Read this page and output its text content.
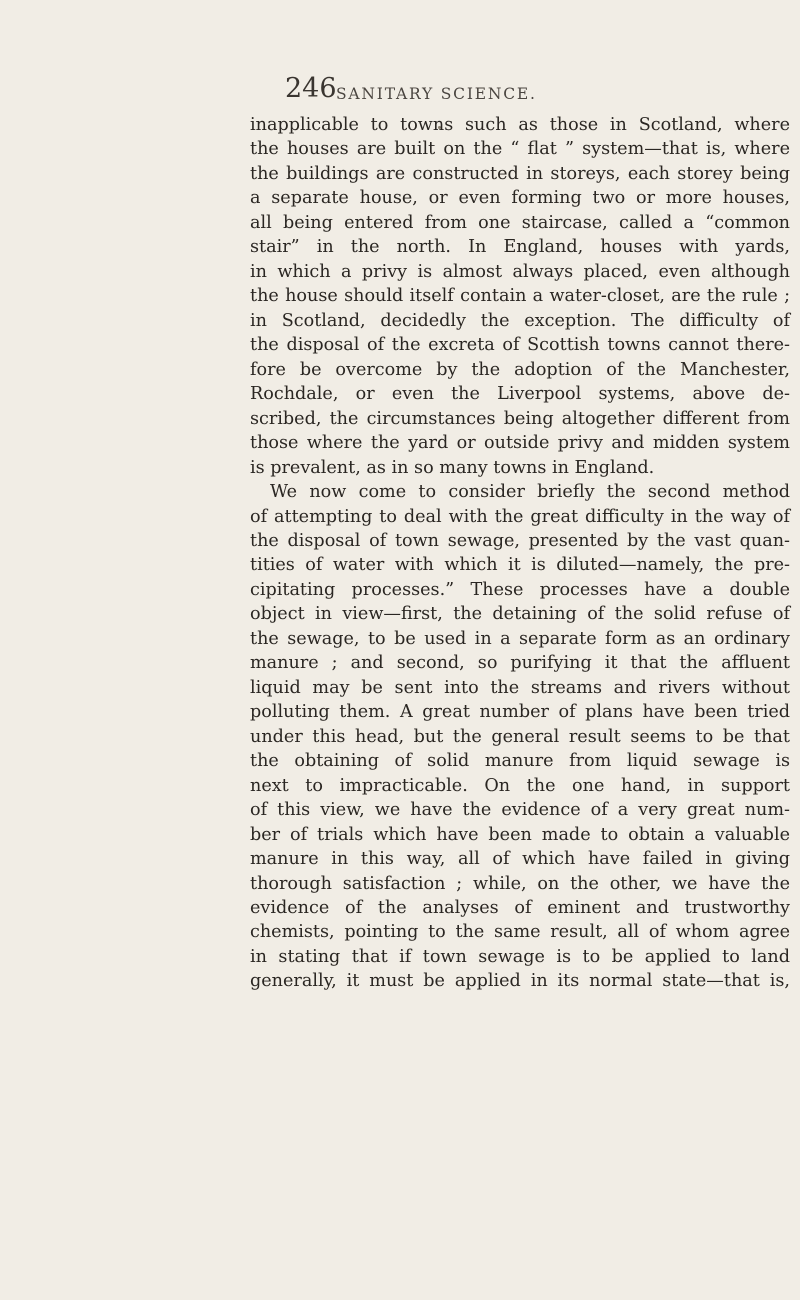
246 SANITARY SCIENCE.
inapplicable to towns such as those in Scotland, where
the houses are built on the “ flat ” system—that is, where
the buildings are constructed in storeys, each storey being
a separate house, or even forming two or more houses,
all being entered from one staircase, called a “common
stair” in the north. In England, houses with yards,
in which a privy is almost always placed, even although
the house should itself contain a water-closet, are the rule ;
in Scotland, decidedly the exception. The difficulty of
the disposal of the excreta of Scottish towns cannot there-
fore be overcome by the adoption of the Manchester,
Rochdale, or even the Liverpool systems, above de-
scribed, the circumstances being altogether different from
those where the yard or outside privy and midden system
is prevalent, as in so many towns in England.
We now come to consider briefly the second method
of attempting to deal with the great difficulty in the way of
the disposal of town sewage, presented by the vast quan-
tities of water with which it is diluted—namely, the pre-
cipitating processes.” These processes have a double
object in view—first, the detaining of the solid refuse of
the sewage, to be used in a separate form as an ordinary
manure ; and second, so purifying it that the affluent
liquid may be sent into the streams and rivers without
polluting them. A great number of plans have been tried
under this head, but the general result seems to be that
the obtaining of solid manure from liquid sewage is
next to impracticable. On the one hand, in support
of this view, we have the evidence of a very great num-
ber of trials which have been made to obtain a valuable
manure in this way, all of which have failed in giving
thorough satisfaction ; while, on the other, we have the
evidence of the analyses of eminent and trustworthy
chemists, pointing to the same result, all of whom agree
in stating that if town sewage is to be applied to land
generally, it must be applied in its normal state—that is,
